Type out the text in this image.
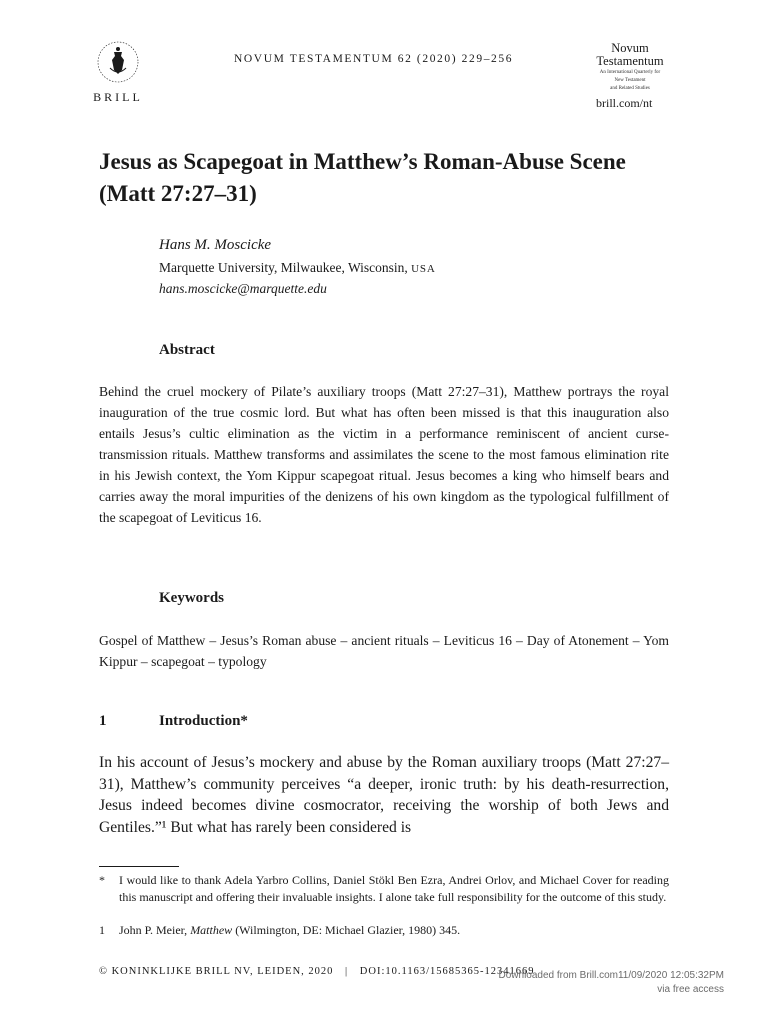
BRILL
NOVUM TESTAMENTUM 62 (2020) 229–256
Novum
Testamentum
An International Quarterly for
New Testament
and Related Studies
brill.com/nt
Jesus as Scapegoat in Matthew’s Roman-Abuse Scene (Matt 27:27–31)
Hans M. Moscicke
Marquette University, Milwaukee, Wisconsin, USA
hans.moscicke@marquette.edu
Abstract

Behind the cruel mockery of Pilate’s auxiliary troops (Matt 27:27–31), Matthew portrays the royal inauguration of the true cosmic lord. But what has often been missed is that this inauguration also entails Jesus’s cultic elimination as the victim in a performance reminiscent of ancient curse-transmission rituals. Matthew transforms and assimilates the scene to the most famous elimination rite in his Jewish context, the Yom Kippur scapegoat ritual. Jesus becomes a king who himself bears and carries away the moral impurities of the denizens of his own kingdom as the typological fulfillment of the scapegoat of Leviticus 16.

Keywords

Gospel of Matthew – Jesus’s Roman abuse – ancient rituals – Leviticus 16 – Day of Atonement – Yom Kippur – scapegoat – typology

1	Introduction*

In his account of Jesus’s mockery and abuse by the Roman auxiliary troops (Matt 27:27–31), Matthew’s community perceives “a deeper, ironic truth: by his death-resurrection, Jesus indeed becomes divine cosmocrator, receiving the worship of both Jews and Gentiles.”¹ But what has rarely been considered is

* I would like to thank Adela Yarbro Collins, Daniel Stökl Ben Ezra, Andrei Orlov, and Michael Cover for reading this manuscript and offering their invaluable insights. I alone take full responsibility for the outcome of this study.
1 John P. Meier, Matthew (Wilmington, DE: Michael Glazier, 1980) 345.
© KONINKLIJKE BRILL NV, LEIDEN, 2020 | DOI:10.1163/15685365-12341669
Downloaded from Brill.com11/09/2020 12:05:32PM
via free access
